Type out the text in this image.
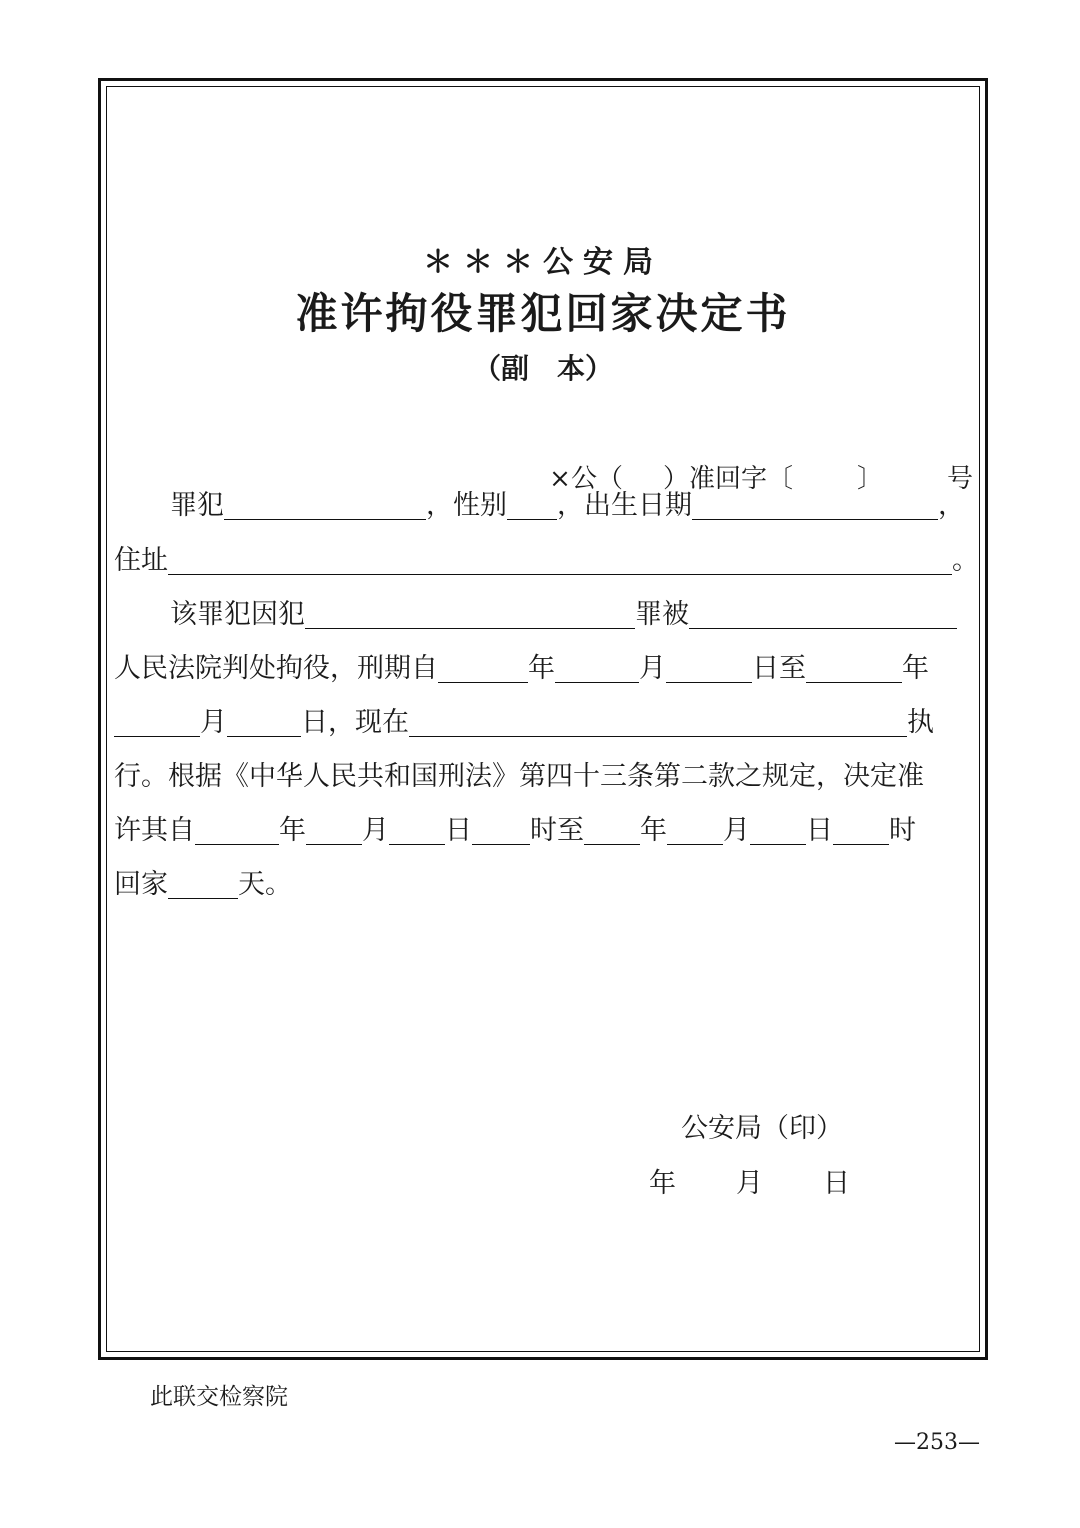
＊＊＊公安局
准许拘役罪犯回家决定书
（副　本）
×公（ ）准回字〔 〕 号
罪犯	，性别 ，出生日期	，
住址	。
该罪犯因犯	罪被
人民法院判处拘役，刑期自	年	月	日至	年
月	日，现在	执
行。根据《中华人民共和国刑法》第四十三条第二款之规定，决定准
许其自	年 月 日 时至 年 月 日 时
回家	天。
公安局（印）
年 月 日
此联交检察院
—253—
